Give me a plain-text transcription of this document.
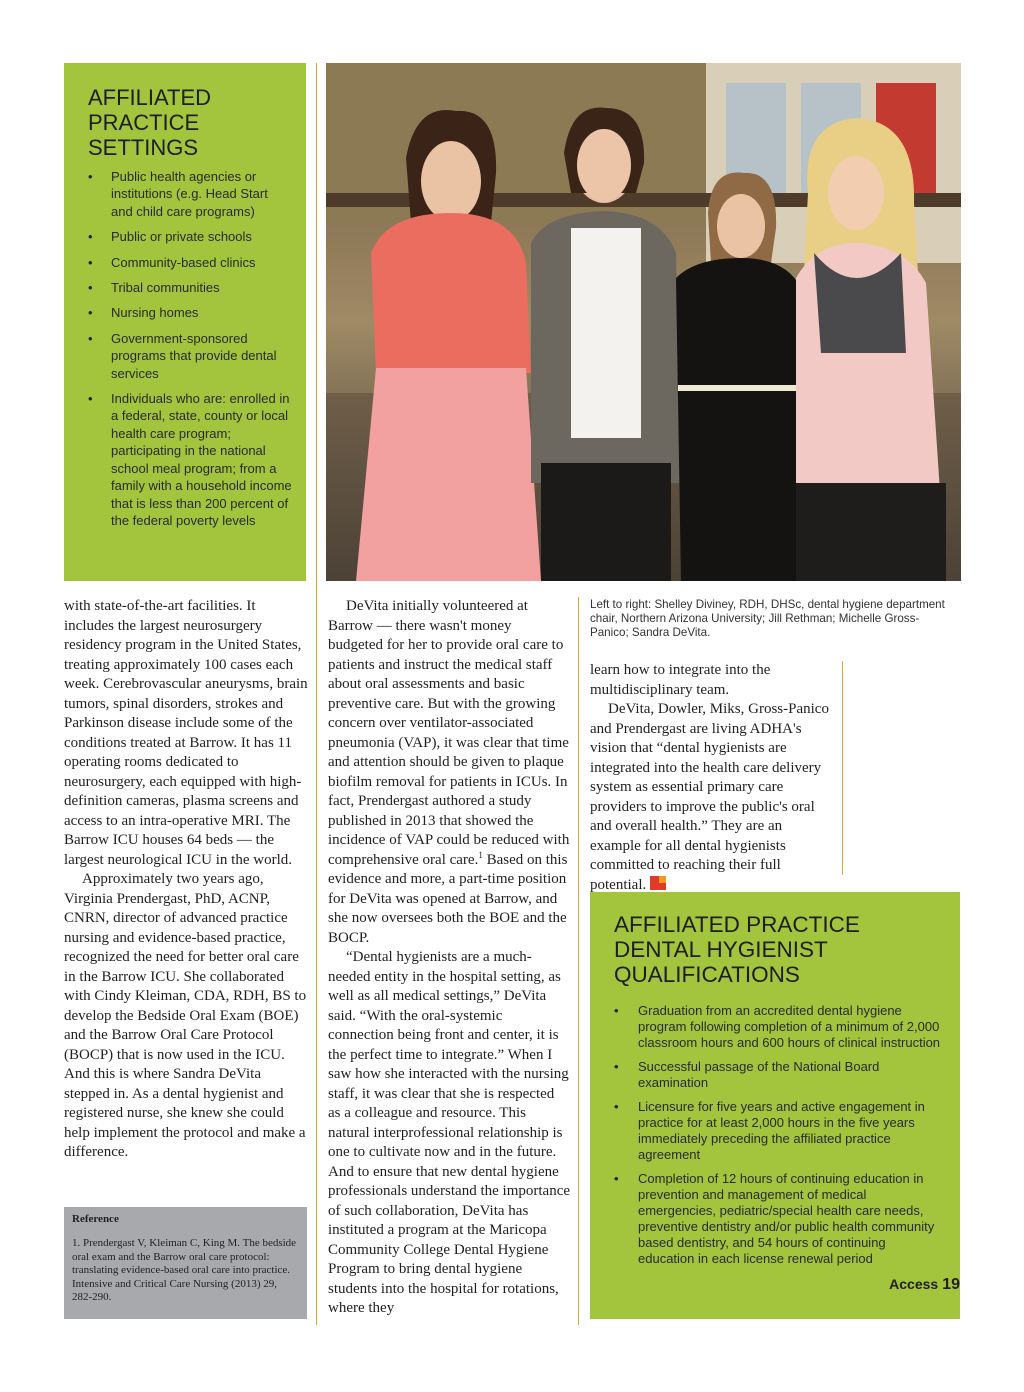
AFFILIATED
PRACTICE
SETTINGS
• Public health agencies or institutions (e.g. Head Start and child care programs)
• Public or private schools
• Community-based clinics
• Tribal communities
• Nursing homes
• Government-sponsored programs that provide dental services
• Individuals who are: enrolled in a federal, state, county or local health care program; participating in the national school meal program; from a family with a household income that is less than 200 percent of the federal poverty levels
Left to right: Shelley Diviney, RDH, DHSc, dental hygiene department chair, Northern Arizona University; Jill Rethman; Michelle Gross-Panico; Sandra DeVita.

with state-of-the-art facilities. It includes the largest neurosurgery residency program in the United States, treating approximately 100 cases each week. Cerebrovascular aneurysms, brain tumors, spinal disorders, strokes and Parkinson disease include some of the conditions treated at Barrow. It has 11 operating rooms dedicated to neurosurgery, each equipped with high-definition cameras, plasma screens and access to an intra-operative MRI. The Barrow ICU houses 64 beds — the largest neurological ICU in the world.

Approximately two years ago, Virginia Prendergast, PhD, ACNP, CNRN, director of advanced practice nursing and evidence-based practice, recognized the need for better oral care in the Barrow ICU. She collaborated with Cindy Kleiman, CDA, RDH, BS to develop the Bedside Oral Exam (BOE) and the Barrow Oral Care Protocol (BOCP) that is now used in the ICU. And this is where Sandra DeVita stepped in. As a dental hygienist and registered nurse, she knew she could help implement the protocol and make a difference.

DeVita initially volunteered at Barrow — there wasn't money budgeted for her to provide oral care to patients and instruct the medical staff about oral assessments and basic preventive care. But with the growing concern over ventilator-associated pneumonia (VAP), it was clear that time and attention should be given to plaque biofilm removal for patients in ICUs. In fact, Prendergast authored a study published in 2013 that showed the incidence of VAP could be reduced with comprehensive oral care.$^1$ Based on this evidence and more, a part-time position for DeVita was opened at Barrow, and she now oversees both the BOE and the BOCP.

“Dental hygienists are a much-needed entity in the hospital setting, as well as all medical settings,” DeVita said. “With the oral-systemic connection being front and center, it is the perfect time to integrate.” When I saw how she interacted with the nursing staff, it was clear that she is respected as a colleague and resource. This natural interprofessional relationship is one to cultivate now and in the future. And to ensure that new dental hygiene professionals understand the importance of such collaboration, DeVita has instituted a program at the Maricopa Community College Dental Hygiene Program to bring dental hygiene students into the hospital for rotations, where they

learn how to integrate into the multidisciplinary team.

DeVita, Dowler, Miks, Gross-Panico and Prendergast are living ADHA's vision that “dental hygienists are integrated into the health care delivery system as essential primary care providers to improve the public's oral and overall health.” They are an example for all dental hygienists committed to reaching their full potential.

Reference

1. Prendergast V, Kleiman C, King M. The bedside oral exam and the Barrow oral care protocol: translating evidence-based oral care into practice. Intensive and Critical Care Nursing (2013) 29, 282-290.

AFFILIATED PRACTICE
DENTAL HYGIENIST
QUALIFICATIONS
• Graduation from an accredited dental hygiene program following completion of a minimum of 2,000 classroom hours and 600 hours of clinical instruction
• Successful passage of the National Board examination
• Licensure for five years and active engagement in practice for at least 2,000 hours in the five years immediately preceding the affiliated practice agreement
• Completion of 12 hours of continuing education in prevention and management of medical emergencies, pediatric/special health care needs, preventive dentistry and/or public health community based dentistry, and 54 hours of continuing education in each license renewal period
Access 19
